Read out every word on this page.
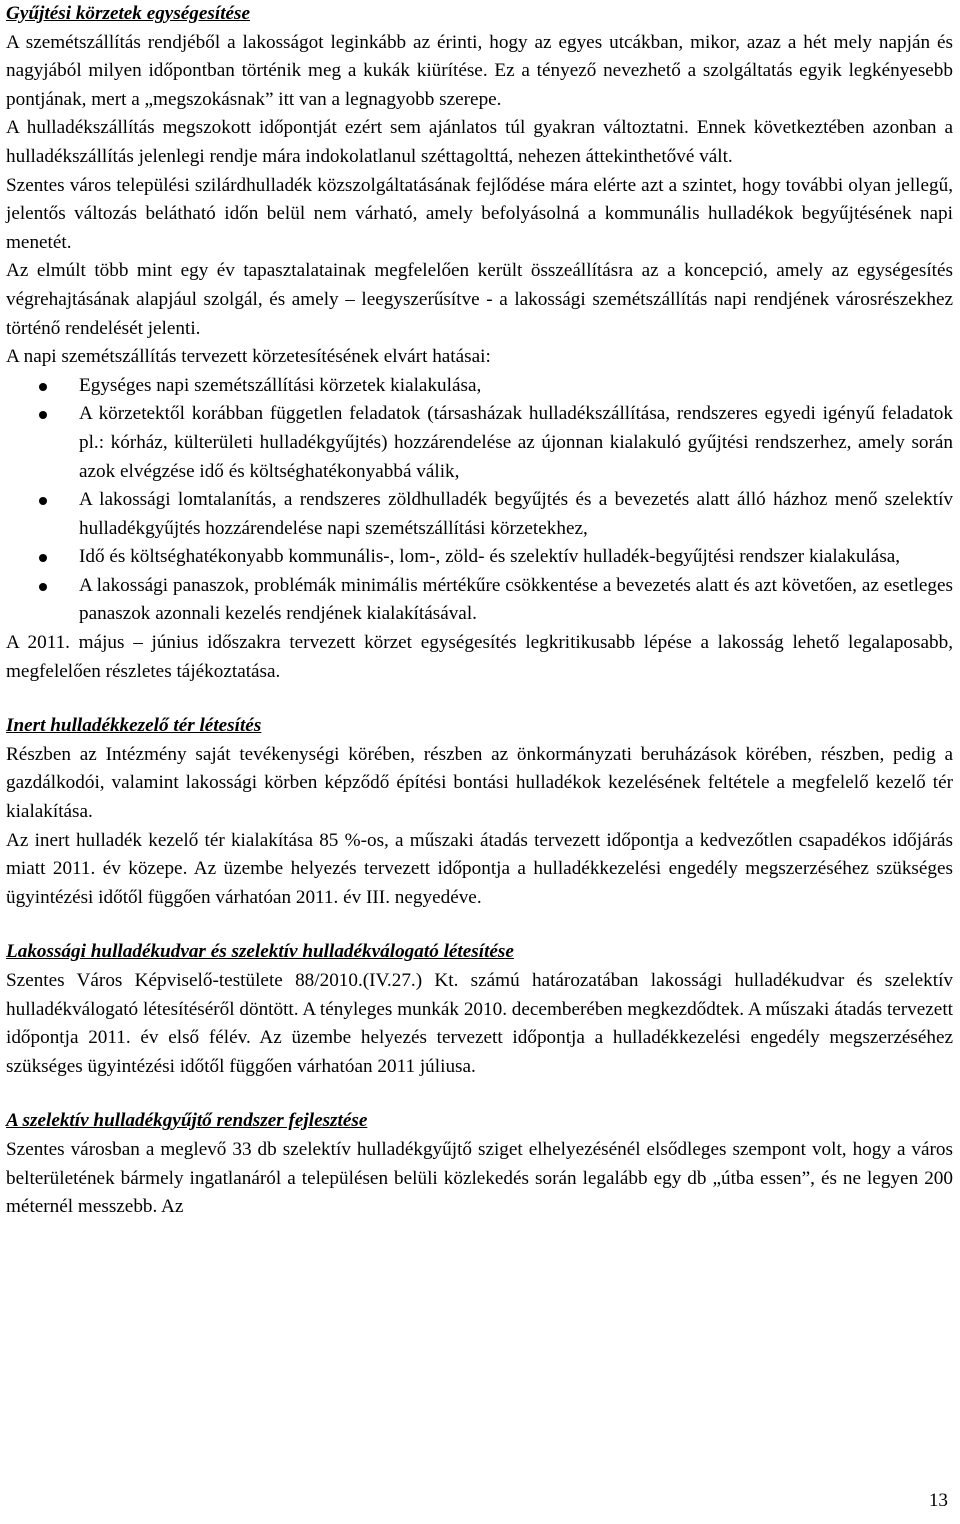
Gyűjtési körzetek egységesítése

A szemétszállítás rendjéből a lakosságot leginkább az érinti, hogy az egyes utcákban, mikor, azaz a hét mely napján és nagyjából milyen időpontban történik meg a kukák kiürítése. Ez a tényező nevezhető a szolgáltatás egyik legkényesebb pontjának, mert a „megszokásnak” itt van a legnagyobb szerepe.

A hulladékszállítás megszokott időpontját ezért sem ajánlatos túl gyakran változtatni. Ennek következtében azonban a hulladékszállítás jelenlegi rendje mára indokolatlanul széttagolttá, nehezen áttekinthetővé vált.

Szentes város települési szilárdhulladék közszolgáltatásának fejlődése mára elérte azt a szintet, hogy további olyan jellegű, jelentős változás belátható időn belül nem várható, amely befolyásolná a kommunális hulladékok begyűjtésének napi menetét.

Az elmúlt több mint egy év tapasztalatainak megfelelően került összeállításra az a koncepció, amely az egységesítés végrehajtásának alapjául szolgál, és amely – leegyszerűsítve - a lakossági szemétszállítás napi rendjének városrészekhez történő rendelését jelenti.

A napi szemétszállítás tervezett körzetesítésének elvárt hatásai:

Egységes napi szemétszállítási körzetek kialakulása,
A körzetektől korábban független feladatok (társasházak hulladékszállítása, rendszeres egyedi igényű feladatok pl.: kórház, külterületi hulladékgyűjtés) hozzárendelése az újonnan kialakuló gyűjtési rendszerhez, amely során azok elvégzése idő és költséghatékonyabbá válik,
A lakossági lomtalanítás, a rendszeres zöldhulladék begyűjtés és a bevezetés alatt álló házhoz menő szelektív hulladékgyűjtés hozzárendelése napi szemétszállítási körzetekhez,
Idő és költséghatékonyabb kommunális-, lom-, zöld- és szelektív hulladék-begyűjtési rendszer kialakulása,
A lakossági panaszok, problémák minimális mértékűre csökkentése a bevezetés alatt és azt követően, az esetleges panaszok azonnali kezelés rendjének kialakításával.

A 2011. május – június időszakra tervezett körzet egységesítés legkritikusabb lépése a lakosság lehető legalaposabb, megfelelően részletes tájékoztatása.

Inert hulladékkezelő tér létesítés

Részben az Intézmény saját tevékenységi körében, részben az önkormányzati beruházások körében, részben, pedig a gazdálkodói, valamint lakossági körben képződő építési bontási hulladékok kezelésének feltétele a megfelelő kezelő tér kialakítása.

Az inert hulladék kezelő tér kialakítása 85 %-os, a műszaki átadás tervezett időpontja a kedvezőtlen csapadékos időjárás miatt 2011. év közepe. Az üzembe helyezés tervezett időpontja a hulladékkezelési engedély megszerzéséhez szükséges ügyintézési időtől függően várhatóan 2011. év III. negyedéve.

Lakossági hulladékudvar és szelektív hulladékválogató létesítése

Szentes Város Képviselő-testülete 88/2010.(IV.27.) Kt. számú határozatában lakossági hulladékudvar és szelektív hulladékválogató létesítéséről döntött. A tényleges munkák 2010. decemberében megkezdődtek. A műszaki átadás tervezett időpontja 2011. év első félév. Az üzembe helyezés tervezett időpontja a hulladékkezelési engedély megszerzéséhez szükséges ügyintézési időtől függően várhatóan 2011 júliusa.

A szelektív hulladékgyűjtő rendszer fejlesztése

Szentes városban a meglevő 33 db szelektív hulladékgyűjtő sziget elhelyezésénél elsődleges szempont volt, hogy a város belterületének bármely ingatlanáról a településen belüli közlekedés során legalább egy db „útba essen”, és ne legyen 200 méternél messzebb. Az

13
